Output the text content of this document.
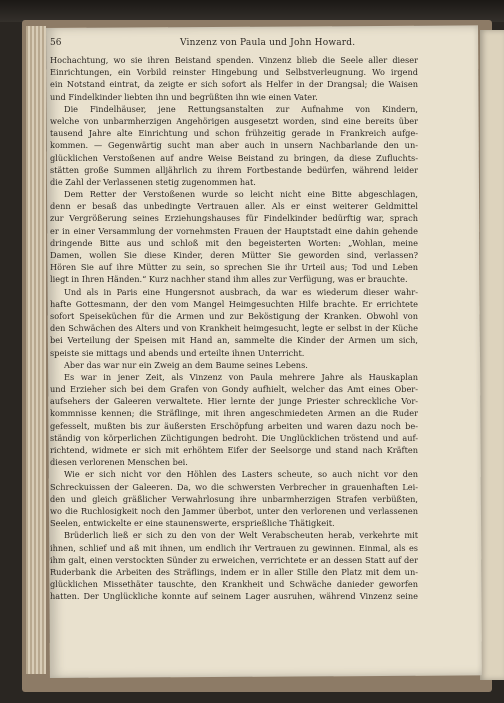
56	Vinzenz von Paula und John Howard.
Hochachtung, wo sie ihren Beistand spenden. Vinzenz blieb die Seele aller dieser
Einrichtungen, ein Vorbild reinster Hingebung und Selbstverleugnung. Wo irgend
ein Notstand eintrat, da zeigte er sich sofort als Helfer in der Drangsal; die Waisen
und Findelkinder liebten ihn und begrüßten ihn wie einen Vater.
Die Findelhäuser, jene Rettungsanstalten zur Aufnahme von Kindern,
welche von unbarmherzigen Angehörigen ausgesetzt worden, sind eine bereits über
tausend Jahre alte Einrichtung und schon frühzeitig gerade in Frankreich aufge-
kommen. — Gegenwärtig sucht man aber auch in unsern Nachbarlande den un-
glücklichen Verstoßenen auf andre Weise Beistand zu bringen, da diese Zufluchts-
stätten große Summen alljährlich zu ihrem Fortbestande bedürfen, während leider
die Zahl der Verlassenen stetig zugenommen hat.
Dem Retter der Verstoßenen wurde so leicht nicht eine Bitte abgeschlagen,
denn er besaß das unbedingte Vertrauen aller. Als er einst weiterer Geldmittel
zur Vergrößerung seines Erziehungshauses für Findelkinder bedürftig war, sprach
er in einer Versammlung der vornehmsten Frauen der Hauptstadt eine dahin gehende
dringende Bitte aus und schloß mit den begeisterten Worten: „Wohlan, meine
Damen, wollen Sie diese Kinder, deren Mütter Sie geworden sind, verlassen?
Hören Sie auf ihre Mütter zu sein, so sprechen Sie ihr Urteil aus; Tod und Leben
liegt in Ihren Händen.“ Kurz nachher stand ihm alles zur Verfügung, was er brauchte.
Und als in Paris eine Hungersnot ausbrach, da war es wiederum dieser wahr-
hafte Gottesmann, der den vom Mangel Heimgesuchten Hilfe brachte. Er errichtete
sofort Speiseküchen für die Armen und zur Beköstigung der Kranken. Obwohl von
den Schwächen des Alters und von Krankheit heimgesucht, legte er selbst in der Küche
bei Verteilung der Speisen mit Hand an, sammelte die Kinder der Armen um sich,
speiste sie mittags und abends und erteilte ihnen Unterricht.
Aber das war nur ein Zweig an dem Baume seines Lebens.
Es war in jener Zeit, als Vinzenz von Paula mehrere Jahre als Hauskaplan
und Erzieher sich bei dem Grafen von Gondy aufhielt, welcher das Amt eines Ober-
aufsehers der Galeeren verwaltete. Hier lernte der junge Priester schreckliche Vor-
kommnisse kennen; die Sträflinge, mit ihren angeschmiedeten Armen an die Ruder
gefesselt, mußten bis zur äußersten Erschöpfung arbeiten und waren dazu noch be-
ständig von körperlichen Züchtigungen bedroht. Die Unglücklichen tröstend und auf-
richtend, widmete er sich mit erhöhtem Eifer der Seelsorge und stand nach Kräften
diesen verlorenen Menschen bei.
Wie er sich nicht vor den Höhlen des Lasters scheute, so auch nicht vor den
Schreckuissen der Galeeren. Da, wo die schwersten Verbrecher in grauenhaften Lei-
den und gleich gräßlicher Verwahrlosung ihre unbarmherzigen Strafen verbüßten,
wo die Ruchlosigkeit noch den Jammer überbot, unter den verlorenen und verlassenen
Seelen, entwickelte er eine staunenswerte, ersprießliche Thätigkeit.
Brüderlich ließ er sich zu den von der Welt Verabscheuten herab, verkehrte mit
ihnen, schlief und aß mit ihnen, um endlich ihr Vertrauen zu gewinnen. Einmal, als es
ihm galt, einen verstockten Sünder zu erweichen, verrichtete er an dessen Statt auf der
Ruderbank die Arbeiten des Sträflings, indem er in aller Stille den Platz mit dem un-
glücklichen Missethäter tauschte, den Krankheit und Schwäche danieder geworfen
hatten. Der Unglückliche konnte auf seinem Lager ausruhen, während Vinzenz seine
